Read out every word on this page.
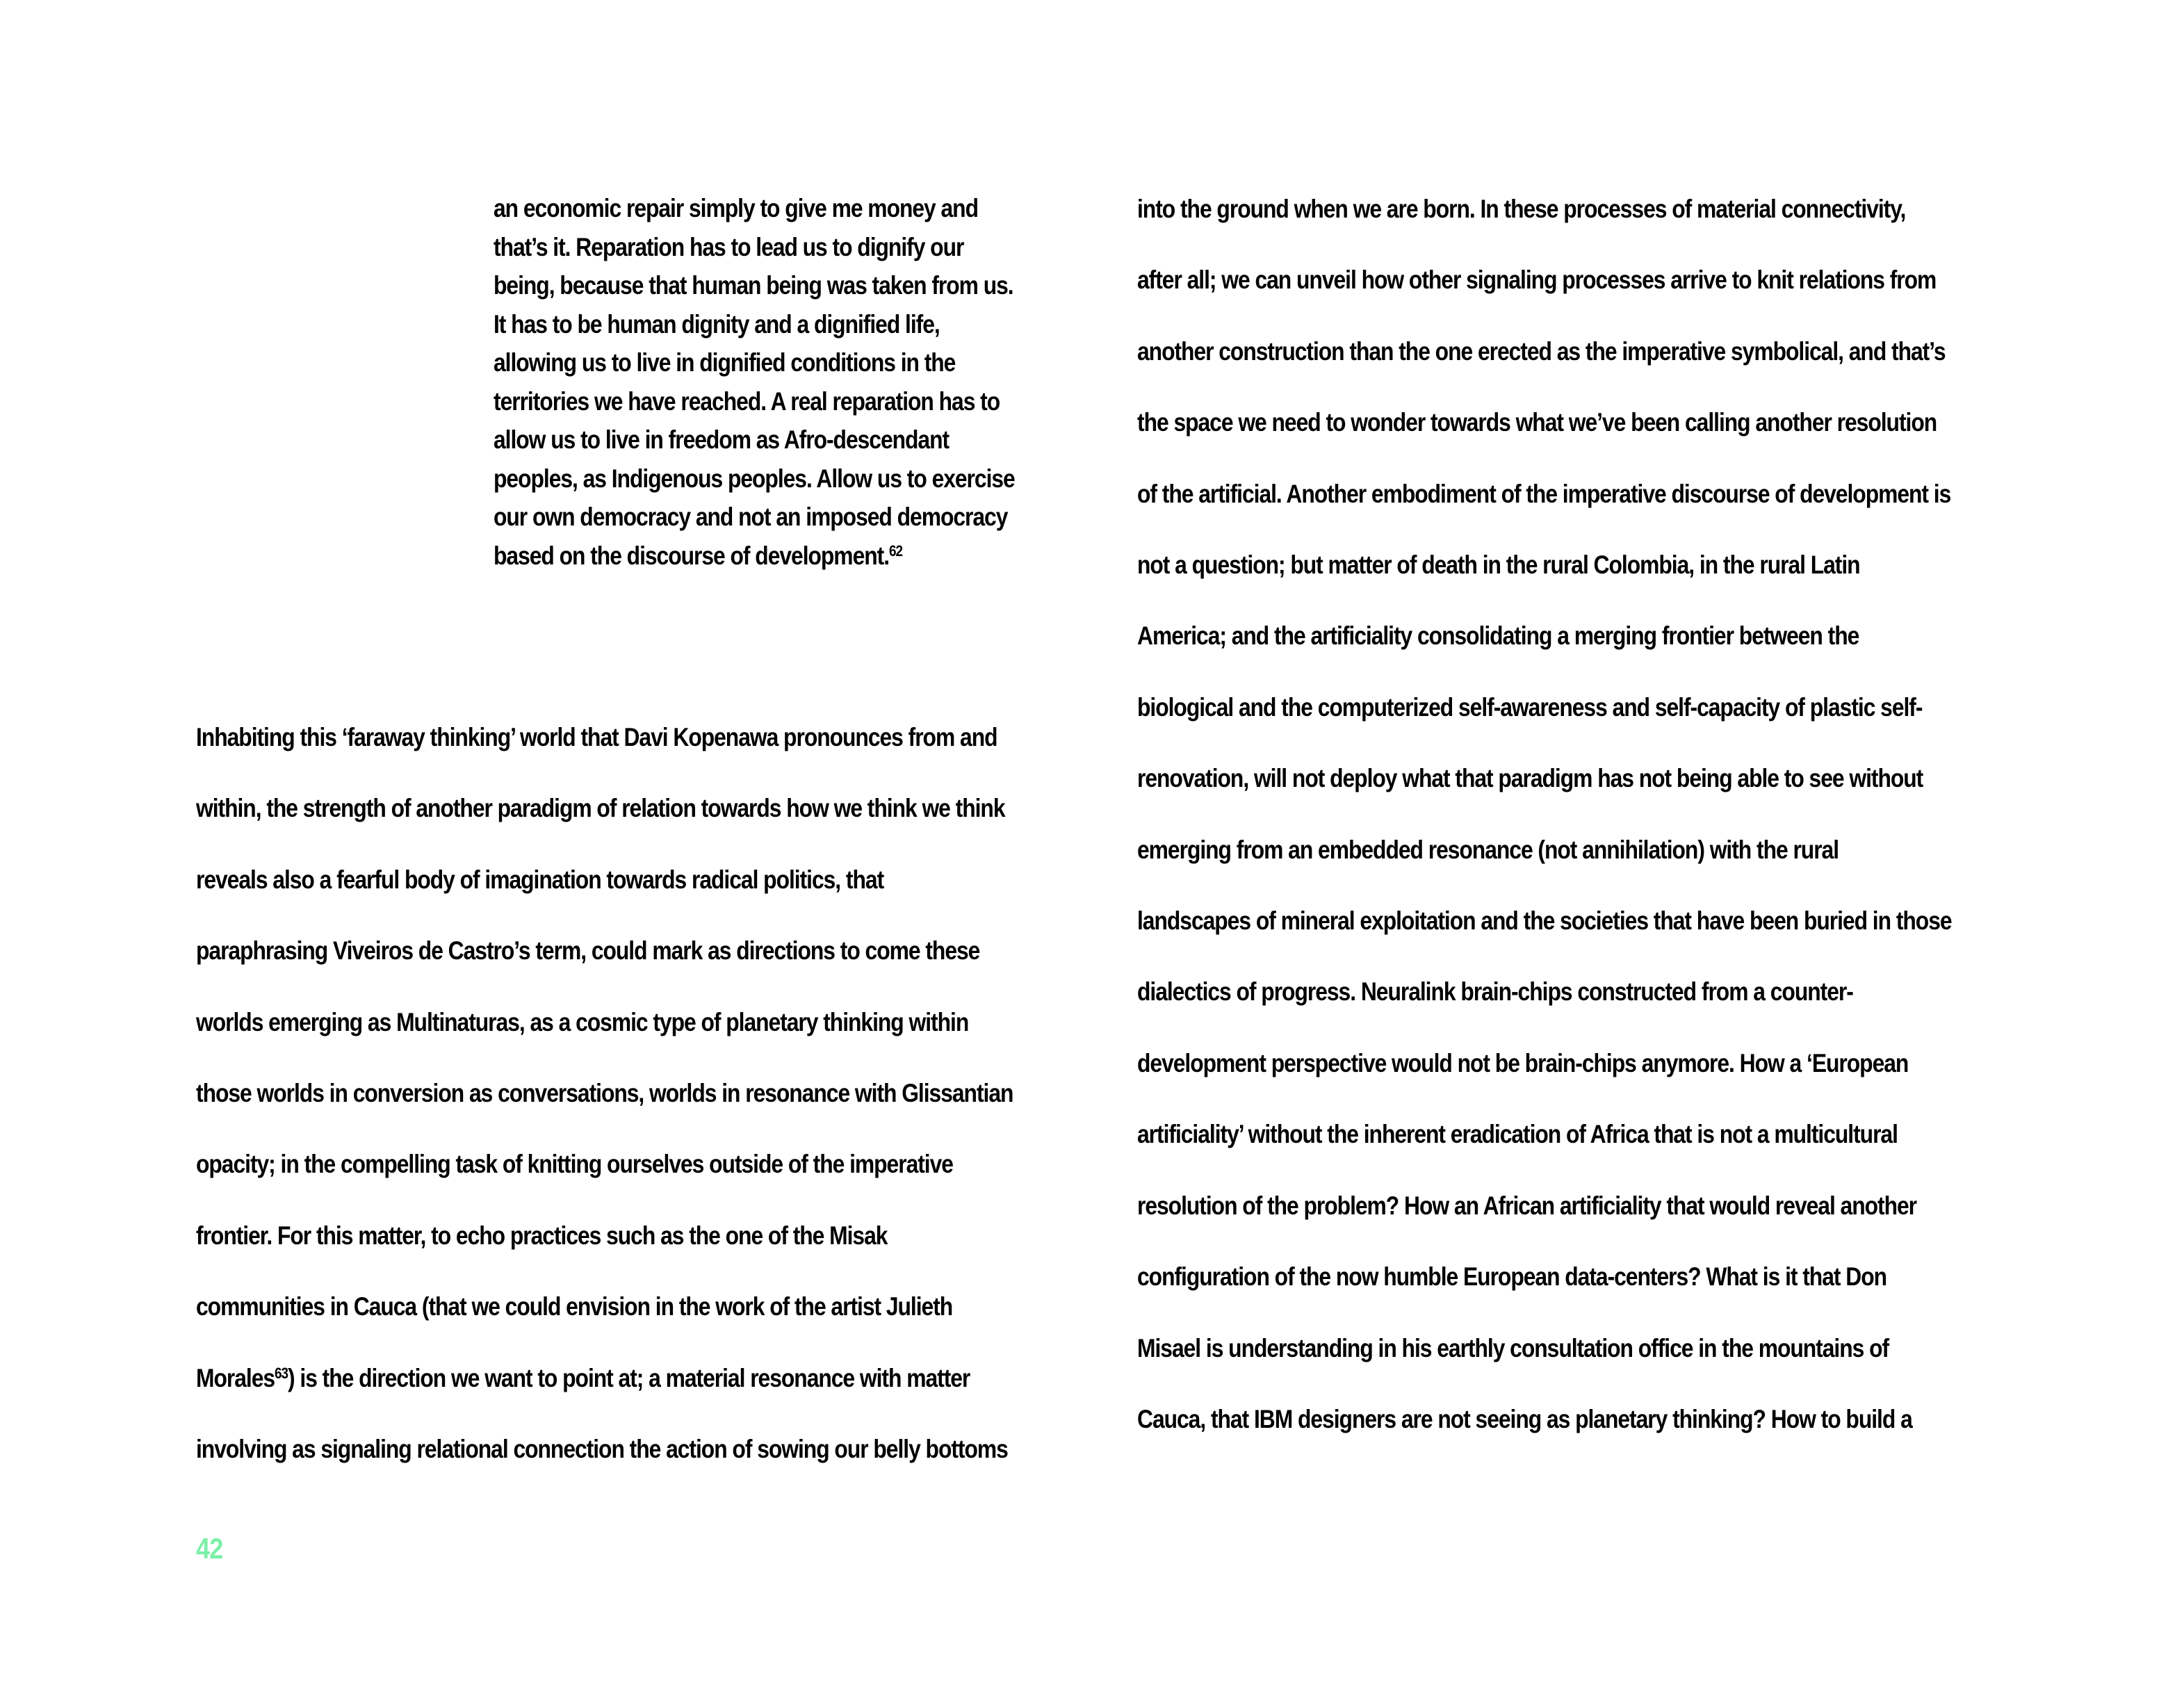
an economic repair simply to give me money and
that’s it. Reparation has to lead us to dignify our
being, because that human being was taken from us.
It has to be human dignity and a dignified life,
allowing us to live in dignified conditions in the
territories we have reached. A real reparation has to
allow us to live in freedom as Afro-descendant
peoples, as Indigenous peoples. Allow us to exercise
our own democracy and not an imposed democracy
based on the discourse of development.$^{62}$
Inhabiting this ‘faraway thinking’ world that Davi Kopenawa pronounces from and
within, the strength of another paradigm of relation towards how we think we think
reveals also a fearful body of imagination towards radical politics, that
paraphrasing Viveiros de Castro’s term, could mark as directions to come these
worlds emerging as Multinaturas, as a cosmic type of planetary thinking within
those worlds in conversion as conversations, worlds in resonance with Glissantian
opacity; in the compelling task of knitting ourselves outside of the imperative
frontier. For this matter, to echo practices such as the one of the Misak
communities in Cauca (that we could envision in the work of the artist Julieth
Morales$^{63}$) is the direction we want to point at; a material resonance with matter
involving as signaling relational connection the action of sowing our belly bottoms
into the ground when we are born. In these processes of material connectivity,
after all; we can unveil how other signaling processes arrive to knit relations from
another construction than the one erected as the imperative symbolical, and that’s
the space we need to wonder towards what we’ve been calling another resolution
of the artificial. Another embodiment of the imperative discourse of development is
not a question; but matter of death in the rural Colombia, in the rural Latin
America; and the artificiality consolidating a merging frontier between the
biological and the computerized self-awareness and self-capacity of plastic self-
renovation, will not deploy what that paradigm has not being able to see without
emerging from an embedded resonance (not annihilation) with the rural
landscapes of mineral exploitation and the societies that have been buried in those
dialectics of progress. Neuralink brain-chips constructed from a counter-
development perspective would not be brain-chips anymore. How a ‘European
artificiality’ without the inherent eradication of Africa that is not a multicultural
resolution of the problem? How an African artificiality that would reveal another
configuration of the now humble European data-centers? What is it that Don
Misael is understanding in his earthly consultation office in the mountains of
Cauca, that IBM designers are not seeing as planetary thinking? How to build a
42
